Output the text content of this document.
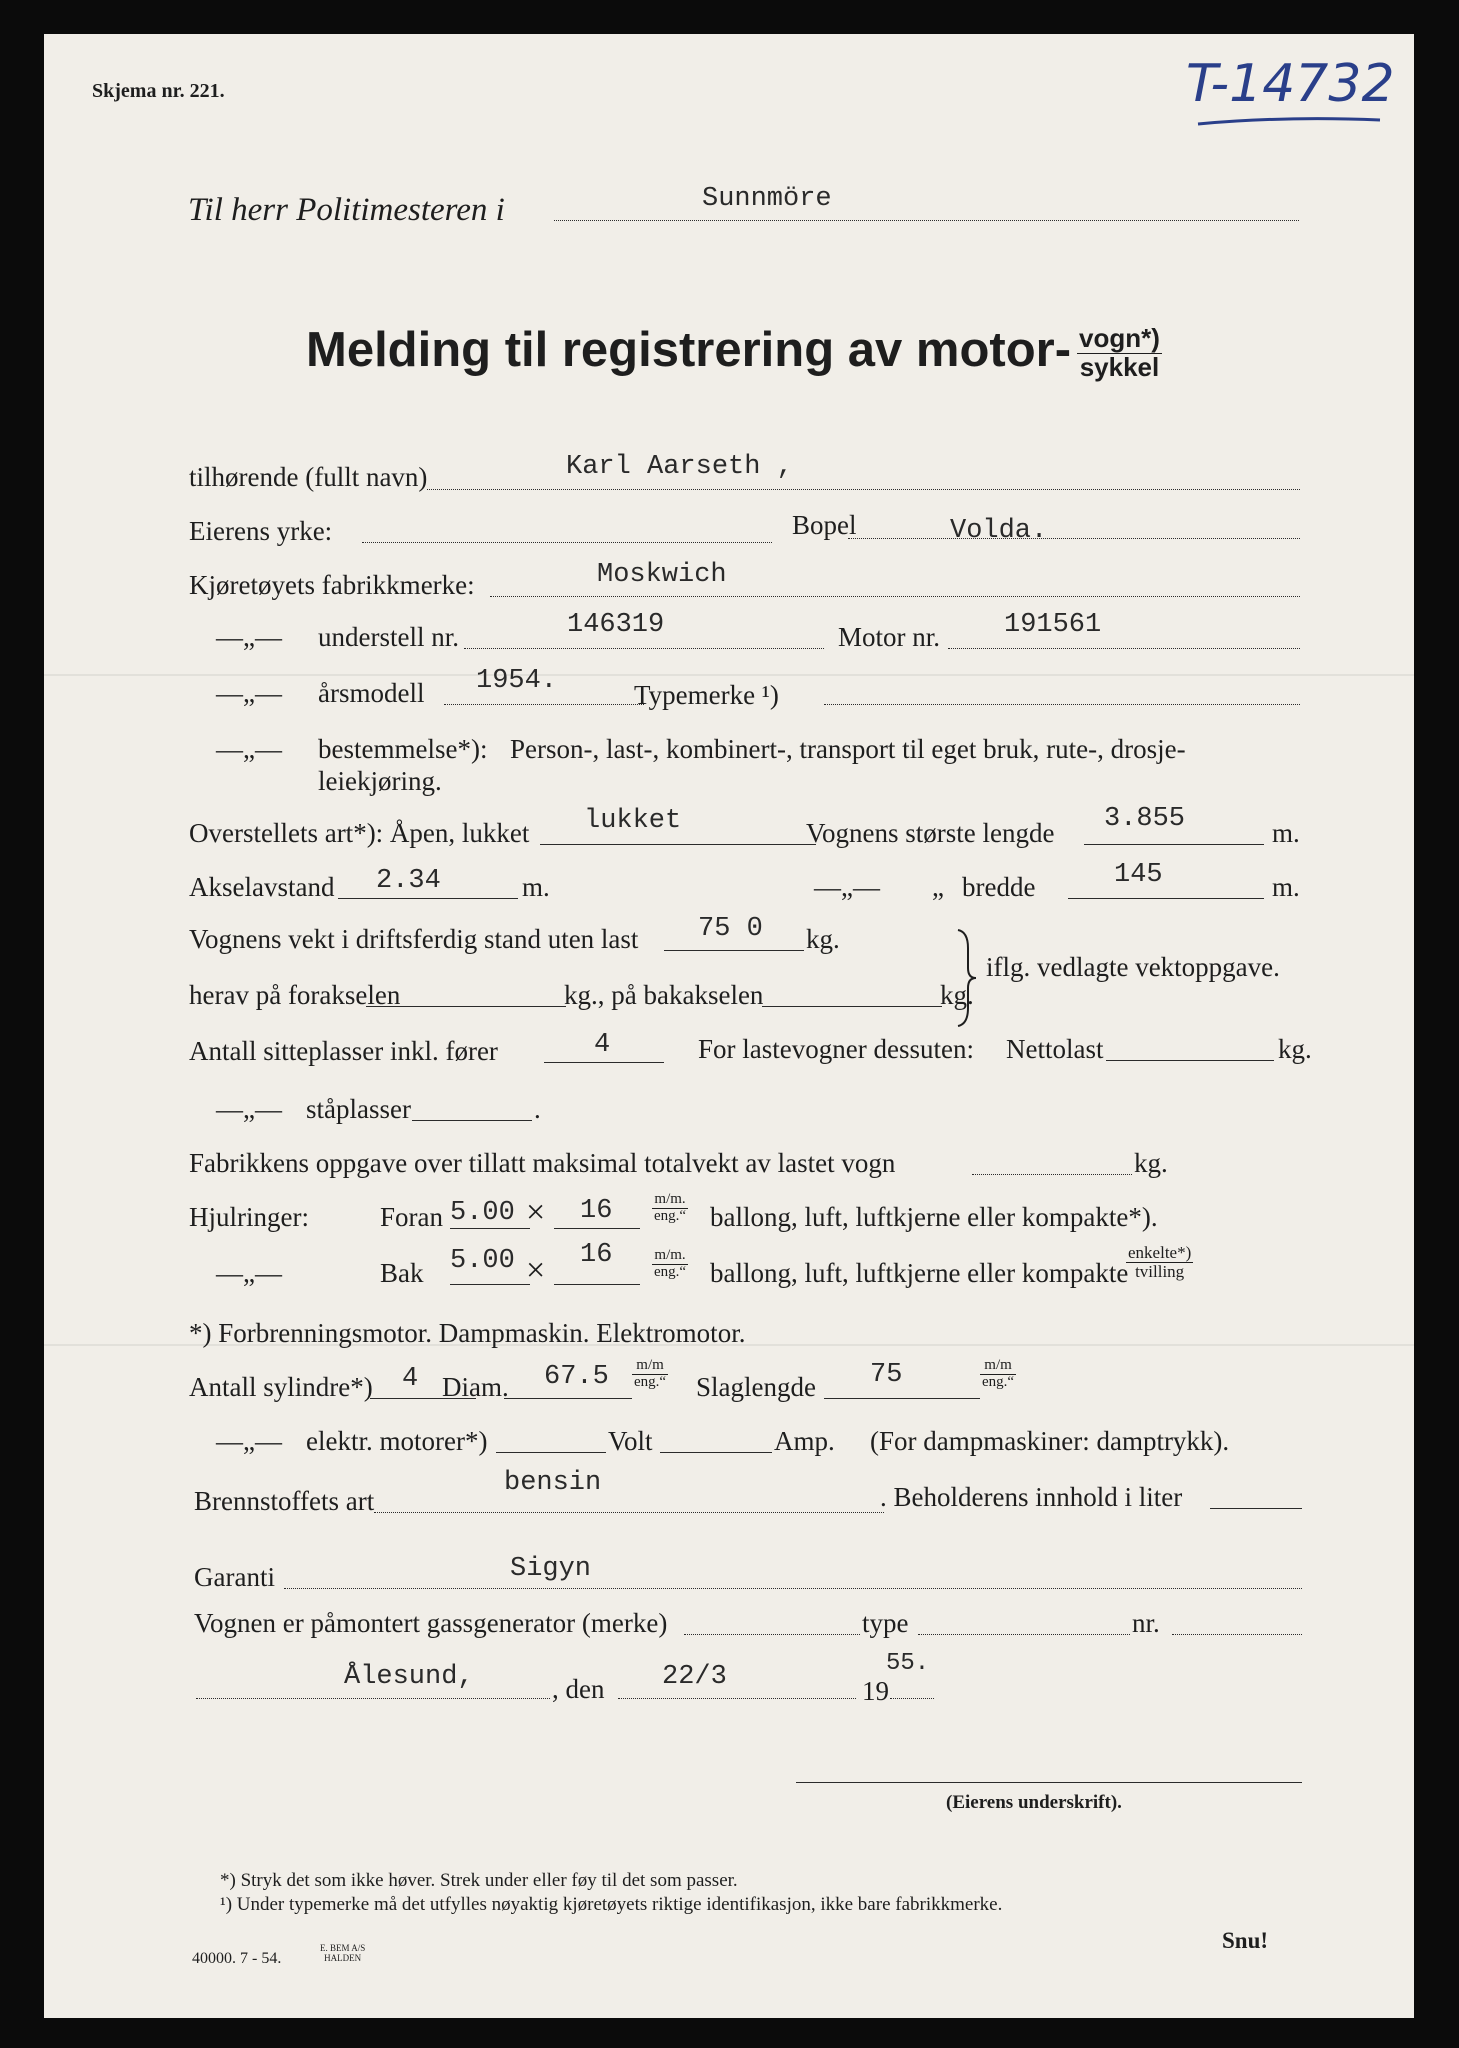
Skjema nr. 221.	T-14732
Til herr Politimesteren i	Sunnmöre
Melding til registrering av motor- $\frac{\text{vogn*)}}{\text{sykkel}}$
tilhørende (fullt navn)	Karl Aarseth ,
Eierens yrke:	Bopel	Volda.
Kjøretøyets fabrikkmerke:	Moskwich
—„— understell nr.	146319	Motor nr. 191561
—„— årsmodell 1954.	Typemerke ¹)
—„— bestemmelse*): Person-, last-, kombinert-, transport til eget bruk, rute-, drosje-
leiekjøring.
Overstellets art*): Åpen, lukket lukket	Vognens største lengde 3.855	m.
Akselavstand 2.34	m.	—„— „ bredde	145	m.
Vognens vekt i driftsferdig stand uten last 75 0 kg.
herav på forakselen	kg., på bakakselen	kg.
iflg. vedlagte vektoppgave.
Antall sitteplasser inkl. fører	4	For lastevogner dessuten: Nettolast	kg.
—„— ståplasser	.
Fabrikkens oppgave over tillatt maksimal totalvekt av lastet vogn	kg.
Hjulringer:	Foran 5.00 × 16	$\frac{m/m.}{\text{eng.“}}$ ballong, luft, luftkjerne eller kompakte*).
—„—	Bak 5.00 × 16	$\frac{m/m.}{\text{eng.“}}$ ballong, luft, luftkjerne eller kompakte
$\frac{\text{enkelte*)}}{\text{tvilling}}$
*) Forbrenningsmotor. Dampmaskin. Elektromotor.
Antall sylindre*) 4 Diam. $67.5 \frac{m/m}{\text{eng.“}}$ Slaglengde 75	$\frac{m/m}{\text{eng.“}}$
—„— elektr. motorer*)	Volt	Amp. (For dampmaskiner: damptrykk).
Brennstoffets art
bensin	. Beholderens innhold i liter
Garanti	Sigyn
Vognen er påmontert gassgenerator (merke)	type	nr.
Ålesund,	, den 22/3	19
55.
(Eierens underskrift).
*) Stryk det som ikke høver. Strek under eller føy til det som passer.
¹) Under typemerke må det utfylles nøyaktig kjøretøyets riktige identifikasjon, ikke bare fabrikkmerke.
40000. 7 - 54.
E. BEM A/S
HALDEN
Snu!
